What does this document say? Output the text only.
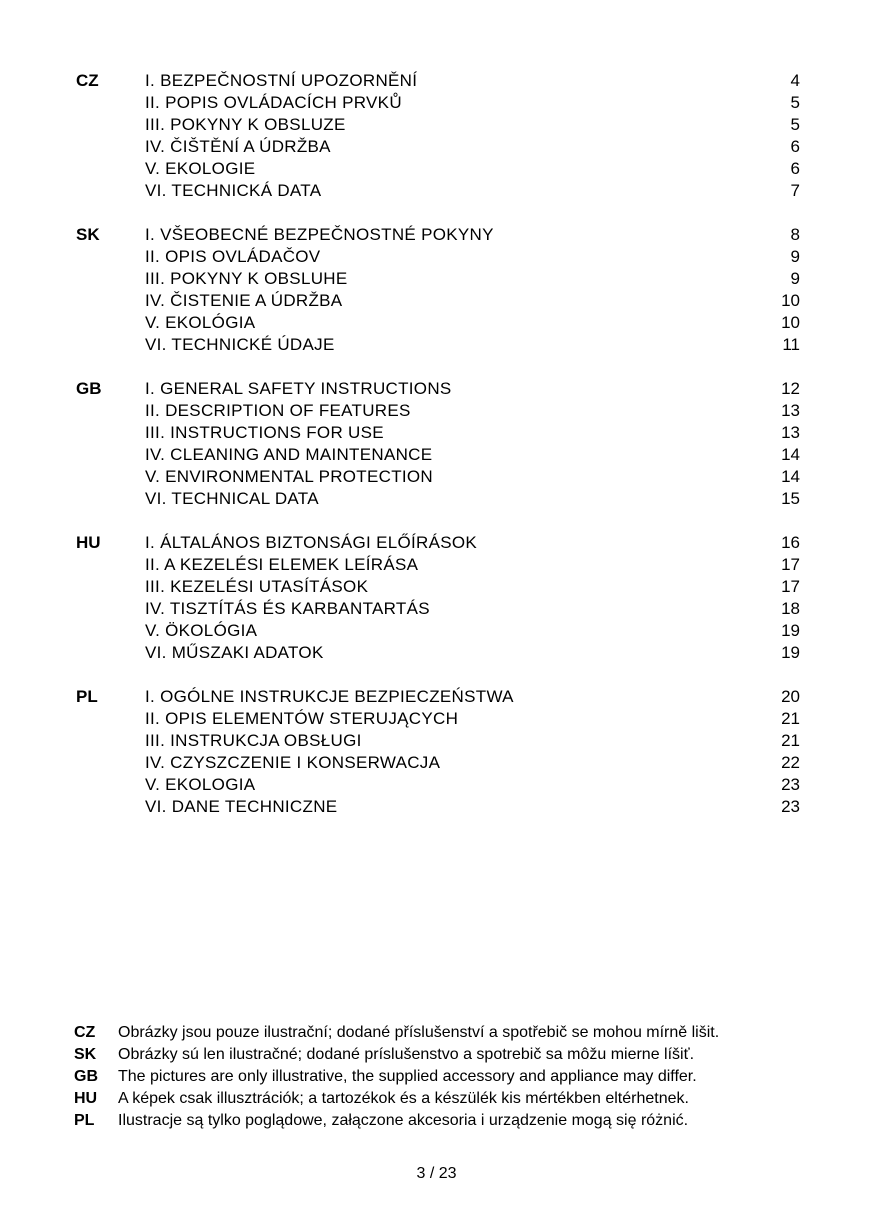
CZ	I. BEZPEČNOSTNÍ UPOZORNĚNÍ	4
II. POPIS OVLÁDACÍCH PRVKŮ	5
III. POKYNY K OBSLUZE	5
IV. ČIŠTĚNÍ A ÚDRŽBA	6
V. EKOLOGIE	6
VI. TECHNICKÁ DATA	7
SK	I. VŠEOBECNÉ BEZPEČNOSTNÉ POKYNY	8
II. OPIS OVLÁDAČOV	9
III. POKYNY K OBSLUHE	9
IV. ČISTENIE A ÚDRŽBA	10
V. EKOLÓGIA	10
VI. TECHNICKÉ ÚDAJE	11
GB	I. GENERAL SAFETY INSTRUCTIONS	12
II. DESCRIPTION OF FEATURES	13
III. INSTRUCTIONS FOR USE	13
IV. CLEANING AND MAINTENANCE	14
V. ENVIRONMENTAL PROTECTION	14
VI. TECHNICAL DATA	15
HU	I. ÁLTALÁNOS BIZTONSÁGI ELŐÍRÁSOK	16
II. A KEZELÉSI ELEMEK LEÍRÁSA	17
III. KEZELÉSI UTASÍTÁSOK	17
IV. TISZTÍTÁS ÉS KARBANTARTÁS	18
V. ÖKOLÓGIA	19
VI. MŰSZAKI ADATOK	19
PL	I. OGÓLNE INSTRUKCJE BEZPIECZEŃSTWA	20
II. OPIS ELEMENTÓW STERUJĄCYCH	21
III. INSTRUKCJA OBSŁUGI	21
IV. CZYSZCZENIE I KONSERWACJA	22
V. EKOLOGIA	23
VI. DANE TECHNICZNE	23
CZ Obrázky jsou pouze ilustrační; dodané příslušenství a spotřebič se mohou mírně lišit.
SK Obrázky sú len ilustračné; dodané príslušenstvo a spotrebič sa môžu mierne líšiť.
GB The pictures are only illustrative, the supplied accessory and appliance may differ.
HU A képek csak illusztrációk; a tartozékok és a készülék kis mértékben eltérhetnek.
PL Ilustracje są tylko poglądowe, załączone akcesoria i urządzenie mogą się różnić.
3 / 23
